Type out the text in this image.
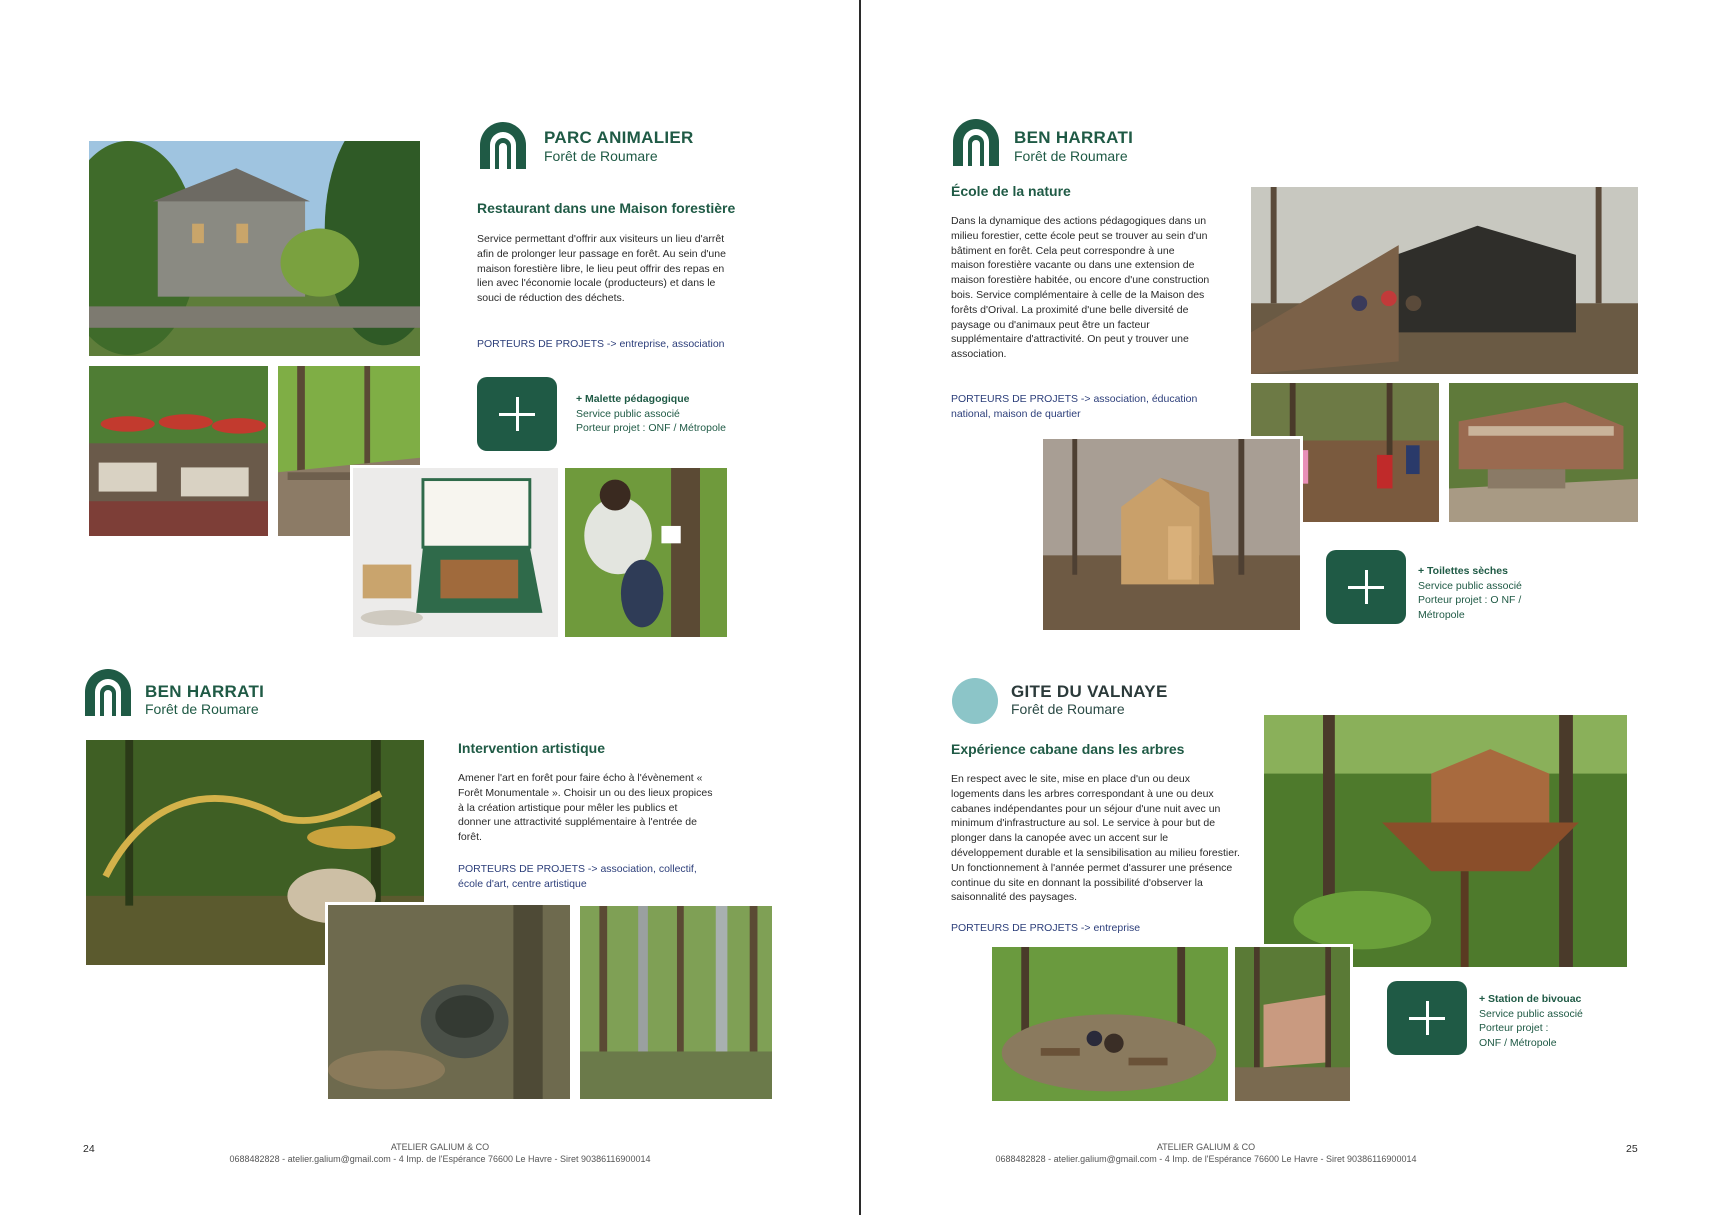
PARC ANIMALIER
Forêt de Roumare
Restaurant dans une Maison forestière

Service permettant d'offrir aux visiteurs un lieu d'arrêt afin de prolonger leur passage en forêt. Au sein d'une maison forestière libre, le lieu peut offrir des repas en lien avec l'économie locale (producteurs) et dans le souci de réduction des déchets.

PORTEURS DE PROJETS -> entreprise, association
+ Malette pédagogique
Service public associé
Porteur projet : ONF / Métropole
BEN HARRATI
Forêt de Roumare
Intervention artistique

Amener l'art en forêt pour faire écho à l'évènement « Forêt Monumentale ». Choisir un ou des lieux propices à la création artistique pour mêler les publics et donner une attractivité supplémentaire à l'entrée de forêt.

PORTEURS DE PROJETS -> association, collectif,
école d'art, centre artistique
24	ATELIER GALIUM & CO
0688482828 - atelier.galium@gmail.com - 4 Imp. de l'Espérance 76600 Le Havre - Siret 90386116900014
BEN HARRATI
Forêt de Roumare
École de la nature

Dans la dynamique des actions pédagogiques dans un milieu forestier, cette école peut se trouver au sein d'un bâtiment en forêt. Cela peut correspondre à une maison forestière vacante ou dans une extension de maison forestière habitée, ou encore d'une construction bois. Service complémentaire à celle de la Maison des forêts d'Orival. La proximité d'une belle diversité de paysage ou d'animaux peut être un facteur supplémentaire d'attractivité. On peut y trouver une association.

PORTEURS DE PROJETS -> association, éducation
national, maison de quartier
+ Toilettes sèches
Service public associé
Porteur projet : O NF /
Métropole
GITE DU VALNAYE
Forêt de Roumare
Expérience cabane dans les arbres

En respect avec le site, mise en place d'un ou deux logements dans les arbres correspondant à une ou deux cabanes indépendantes pour un séjour d'une nuit avec un minimum d'infrastructure au sol. Le service à pour but de plonger dans la canopée avec un accent sur le développement durable et la sensibilisation au milieu forestier. Un fonctionnement à l'année permet d'assurer une présence continue du site en donnant la possibilité d'observer la saisonnalité des paysages.

PORTEURS DE PROJETS -> entreprise
+ Station de bivouac
Service public associé
Porteur projet :
ONF / Métropole
ATELIER GALIUM & CO
0688482828 - atelier.galium@gmail.com - 4 Imp. de l'Espérance 76600 Le Havre - Siret 90386116900014
25
